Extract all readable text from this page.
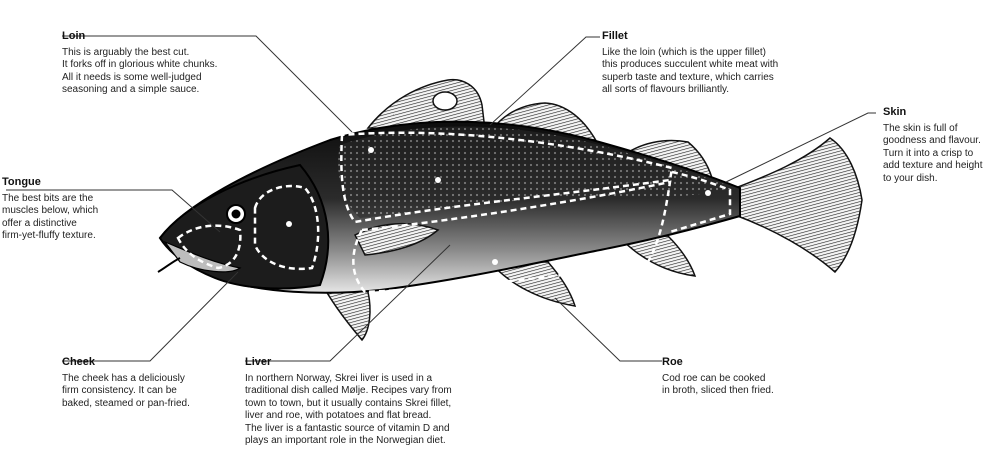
Loin
This is arguably the best cut.
It forks off in glorious white chunks.
All it needs is some well-judged
seasoning and a simple sauce.
Fillet
Like the loin (which is the upper fillet)
this produces succulent white meat with
superb taste and texture, which carries
all sorts of flavours brilliantly.
Skin
The skin is full of
goodness and flavour.
Turn it into a crisp to
add texture and height
to your dish.
Tongue
The best bits are the
muscles below, which
offer a distinctive
firm-yet-fluffy texture.
Cheek
The cheek has a deliciously
firm consistency. It can be
baked, steamed or pan-fried.
Liver
In northern Norway, Skrei liver is used in a
traditional dish called Mølje. Recipes vary from
town to town, but it usually contains Skrei fillet,
liver and roe, with potatoes and flat bread.
The liver is a fantastic source of vitamin D and
plays an important role in the Norwegian diet.
Roe
Cod roe can be cooked
in broth, sliced then fried.
